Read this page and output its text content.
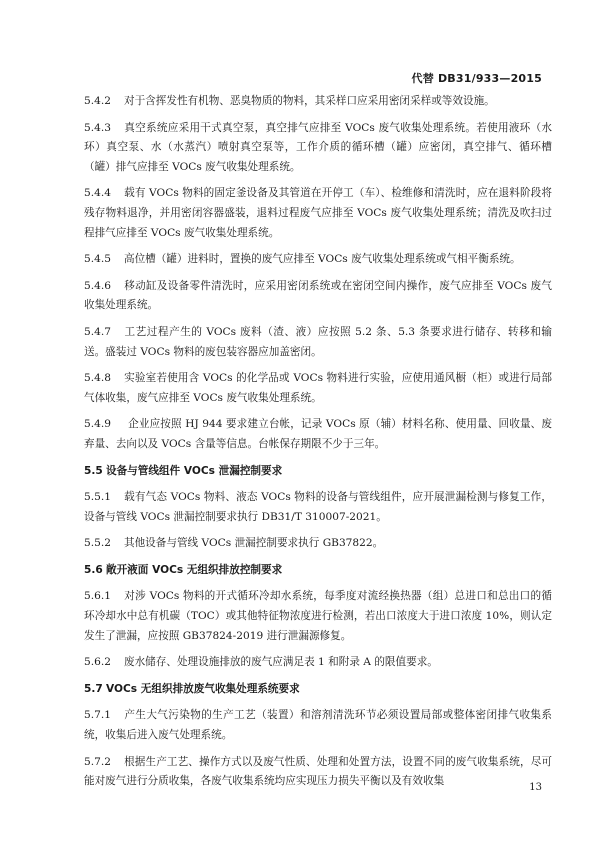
代替 DB31/933—2015

5.4.2 对于含挥发性有机物、恶臭物质的物料，其采样口应采用密闭采样或等效设施。

5.4.3 真空系统应采用干式真空泵，真空排气应排至 VOCs 废气收集处理系统。若使用液环（水环）真空泵、水（水蒸汽）喷射真空泵等，工作介质的循环槽（罐）应密闭，真空排气、循环槽（罐）排气应排至 VOCs 废气收集处理系统。

5.4.4 载有 VOCs 物料的固定釜设备及其管道在开停工（车）、检维修和清洗时，应在退料阶段将残存物料退净，并用密闭容器盛装，退料过程废气应排至 VOCs 废气收集处理系统；清洗及吹扫过程排气应排至 VOCs 废气收集处理系统。

5.4.5 高位槽（罐）进料时，置换的废气应排至 VOCs 废气收集处理系统或气相平衡系统。

5.4.6 移动缸及设备零件清洗时，应采用密闭系统或在密闭空间内操作，废气应排至 VOCs 废气收集处理系统。

5.4.7 工艺过程产生的 VOCs 废料（渣、液）应按照 5.2 条、5.3 条要求进行储存、转移和输送。盛装过 VOCs 物料的废包装容器应加盖密闭。

5.4.8 实验室若使用含 VOCs 的化学品或 VOCs 物料进行实验，应使用通风橱（柜）或进行局部气体收集，废气应排至 VOCs 废气收集处理系统。

5.4.9 企业应按照 HJ 944 要求建立台帐，记录 VOCs 原（辅）材料名称、使用量、回收量、废弃量、去向以及 VOCs 含量等信息。台帐保存期限不少于三年。

5.5 设备与管线组件 VOCs 泄漏控制要求

5.5.1 载有气态 VOCs 物料、液态 VOCs 物料的设备与管线组件，应开展泄漏检测与修复工作，设备与管线 VOCs 泄漏控制要求执行 DB31/T 310007-2021。

5.5.2 其他设备与管线 VOCs 泄漏控制要求执行 GB37822。

5.6 敞开液面 VOCs 无组织排放控制要求

5.6.1 对涉 VOCs 物料的开式循环冷却水系统，每季度对流经换热器（组）总进口和总出口的循环冷却水中总有机碳（TOC）或其他特征物浓度进行检测，若出口浓度大于进口浓度 10%，则认定发生了泄漏，应按照 GB37824-2019 进行泄漏源修复。

5.6.2 废水储存、处理设施排放的废气应满足表 1 和附录 A 的限值要求。

5.7 VOCs 无组织排放废气收集处理系统要求

5.7.1 产生大气污染物的生产工艺（装置）和溶剂清洗环节必须设置局部或整体密闭排气收集系统，收集后进入废气处理系统。

5.7.2 根据生产工艺、操作方式以及废气性质、处理和处置方法，设置不同的废气收集系统，尽可能对废气进行分质收集，各废气收集系统均应实现压力损失平衡以及有效收集

13
